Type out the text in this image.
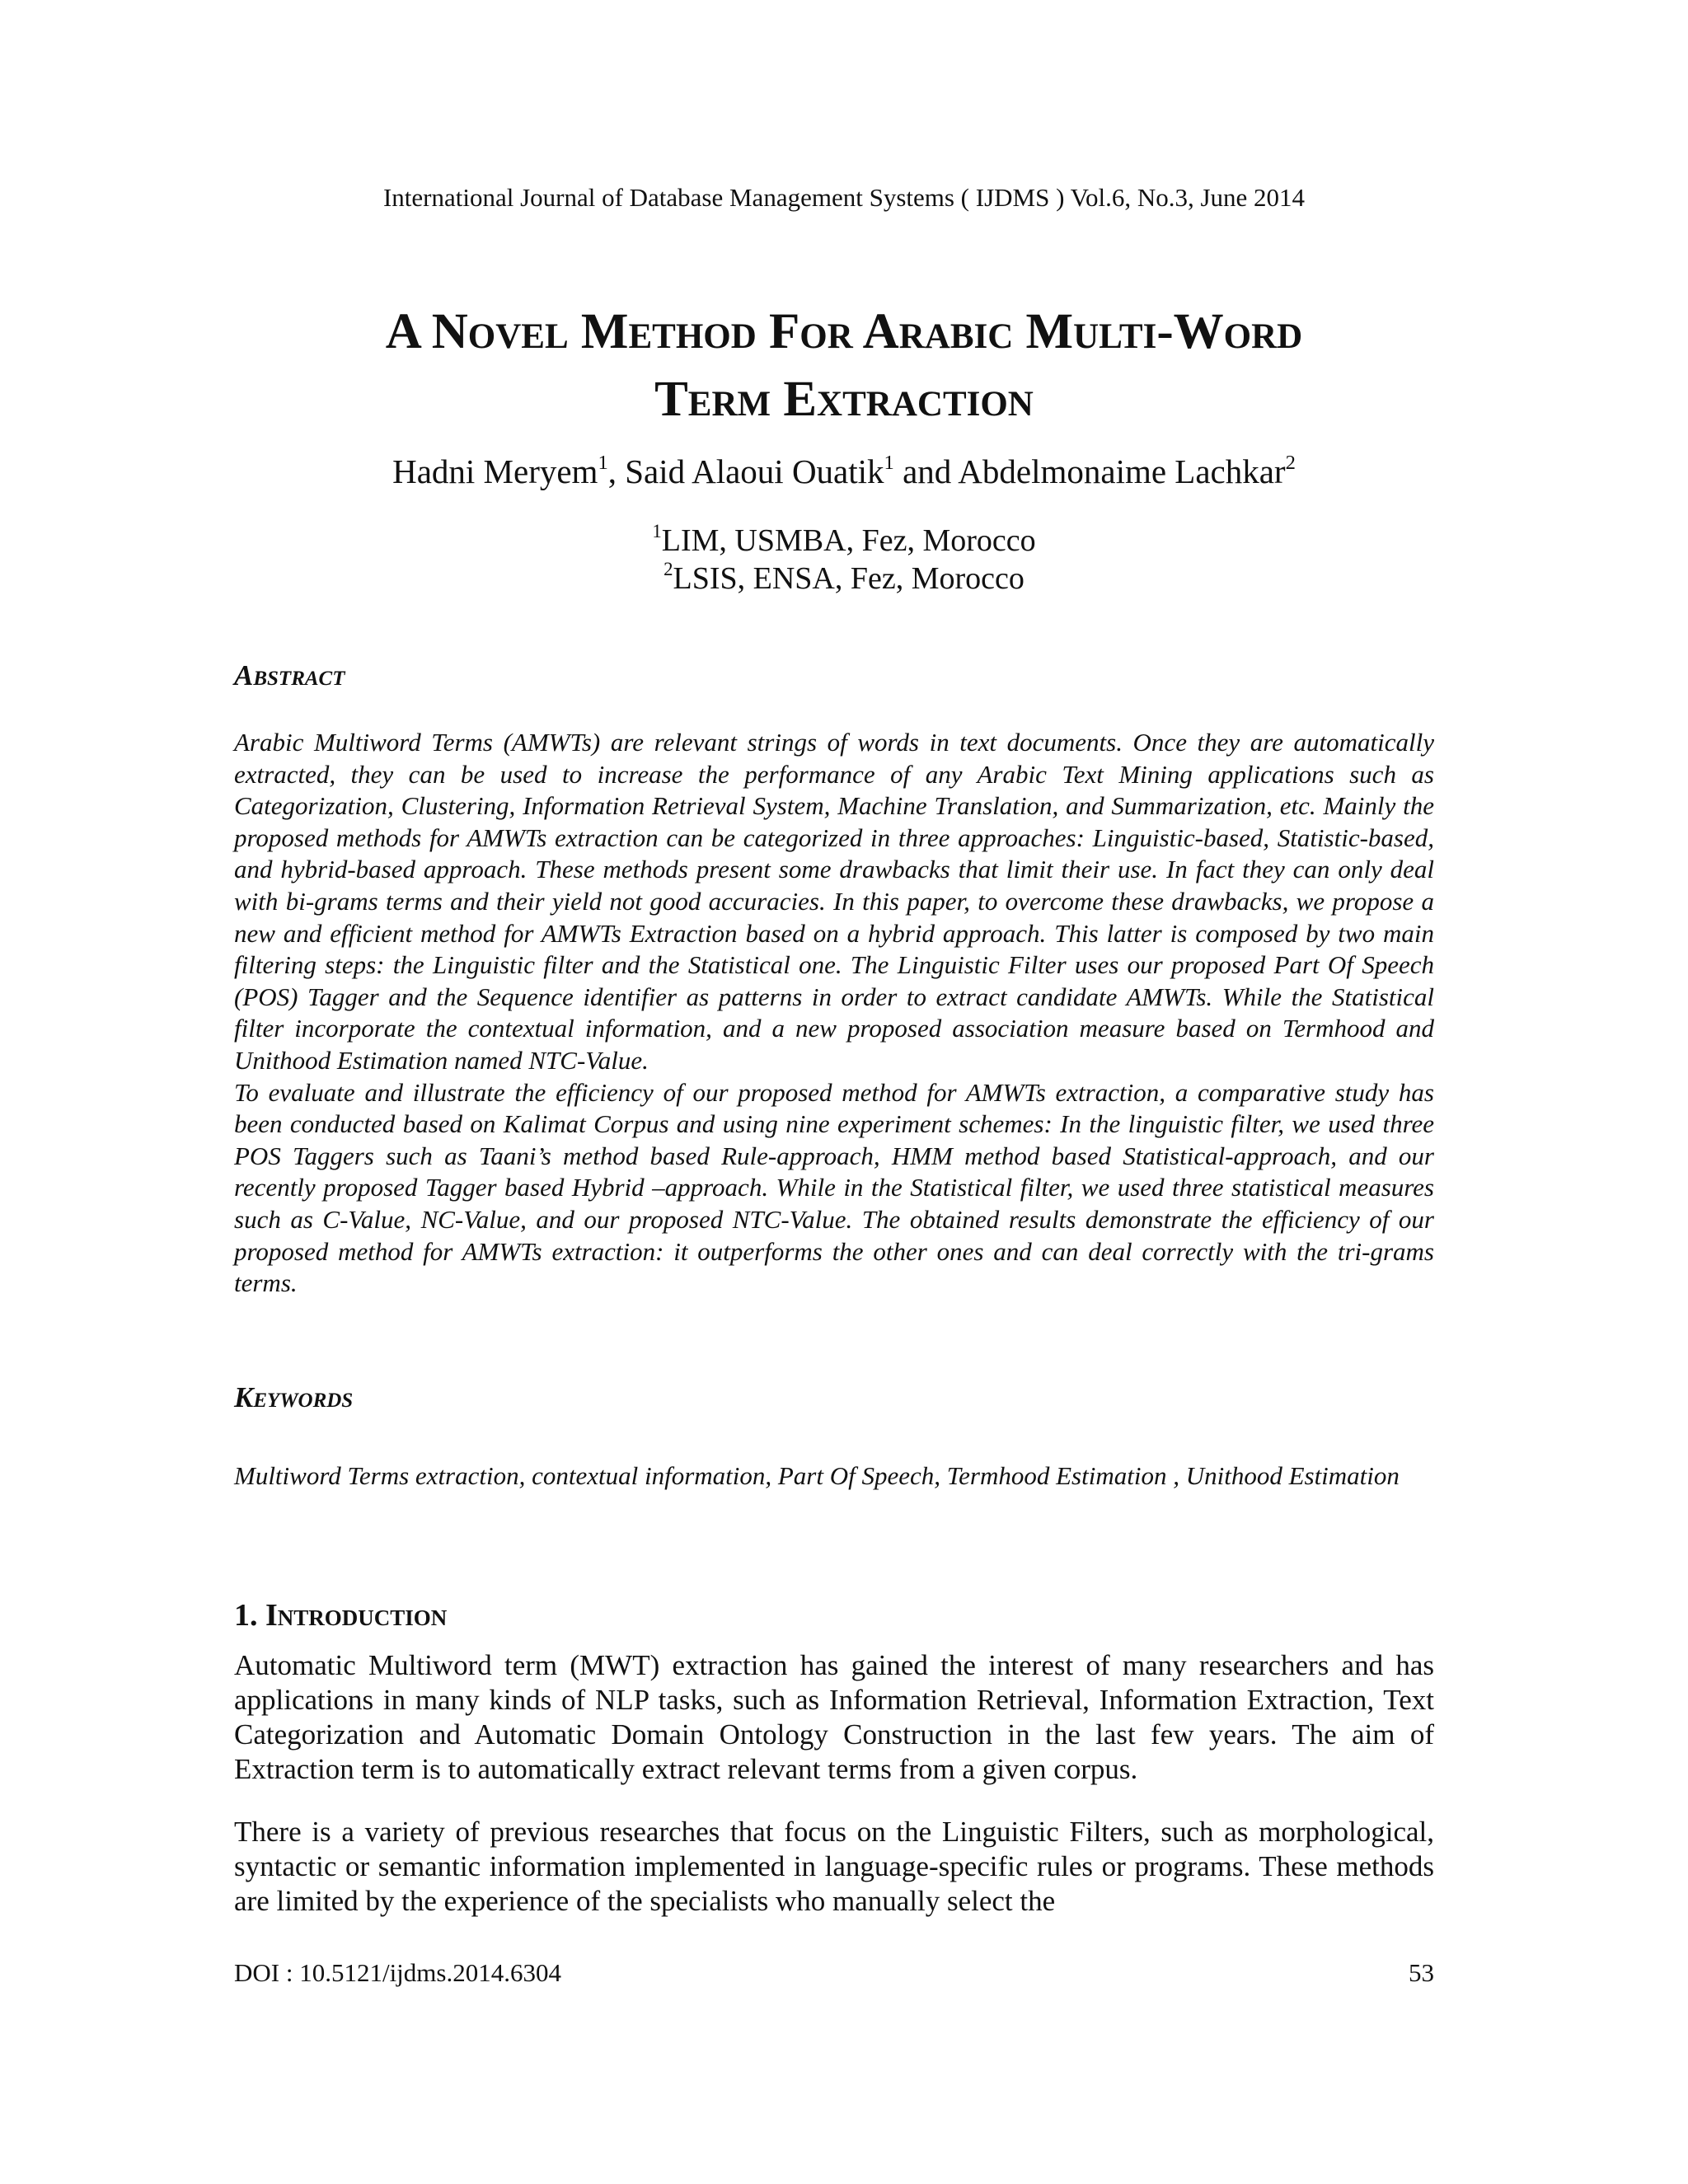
International Journal of Database Management Systems ( IJDMS ) Vol.6, No.3, June 2014
A Novel Method For Arabic Multi-Word
Term Extraction
Hadni Meryem$^1$, Said Alaoui Ouatik$^1$ and Abdelmonaime Lachkar$^2$
$^1$LIM, USMBA, Fez, Morocco
$^2$LSIS, ENSA, Fez, Morocco
Abstract

Arabic Multiword Terms (AMWTs) are relevant strings of words in text documents. Once they are automatically extracted, they can be used to increase the performance of any Arabic Text Mining applications such as Categorization, Clustering, Information Retrieval System, Machine Translation, and Summarization, etc. Mainly the proposed methods for AMWTs extraction can be categorized in three approaches: Linguistic-based, Statistic-based, and hybrid-based approach. These methods present some drawbacks that limit their use. In fact they can only deal with bi-grams terms and their yield not good accuracies. In this paper, to overcome these drawbacks, we propose a new and efficient method for AMWTs Extraction based on a hybrid approach. This latter is composed by two main filtering steps: the Linguistic filter and the Statistical one. The Linguistic Filter uses our proposed Part Of Speech (POS) Tagger and the Sequence identifier as patterns in order to extract candidate AMWTs. While the Statistical filter incorporate the contextual information, and a new proposed association measure based on Termhood and Unithood Estimation named NTC-Value.

To evaluate and illustrate the efficiency of our proposed method for AMWTs extraction, a comparative study has been conducted based on Kalimat Corpus and using nine experiment schemes: In the linguistic filter, we used three POS Taggers such as Taani’s method based Rule-approach, HMM method based Statistical-approach, and our recently proposed Tagger based Hybrid –approach. While in the Statistical filter, we used three statistical measures such as C-Value, NC-Value, and our proposed NTC-Value. The obtained results demonstrate the efficiency of our proposed method for AMWTs extraction: it outperforms the other ones and can deal correctly with the tri-grams terms.

Keywords
Multiword Terms extraction, contextual information, Part Of Speech, Termhood Estimation , Unithood Estimation
1. Introduction
Automatic Multiword term (MWT) extraction has gained the interest of many researchers and has applications in many kinds of NLP tasks, such as Information Retrieval, Information Extraction, Text Categorization and Automatic Domain Ontology Construction in the last few years. The aim of Extraction term is to automatically extract relevant terms from a given corpus.
There is a variety of previous researches that focus on the Linguistic Filters, such as morphological, syntactic or semantic information implemented in language-specific rules or programs. These methods are limited by the experience of the specialists who manually select the
DOI : 10.5121/ijdms.2014.6304	53
